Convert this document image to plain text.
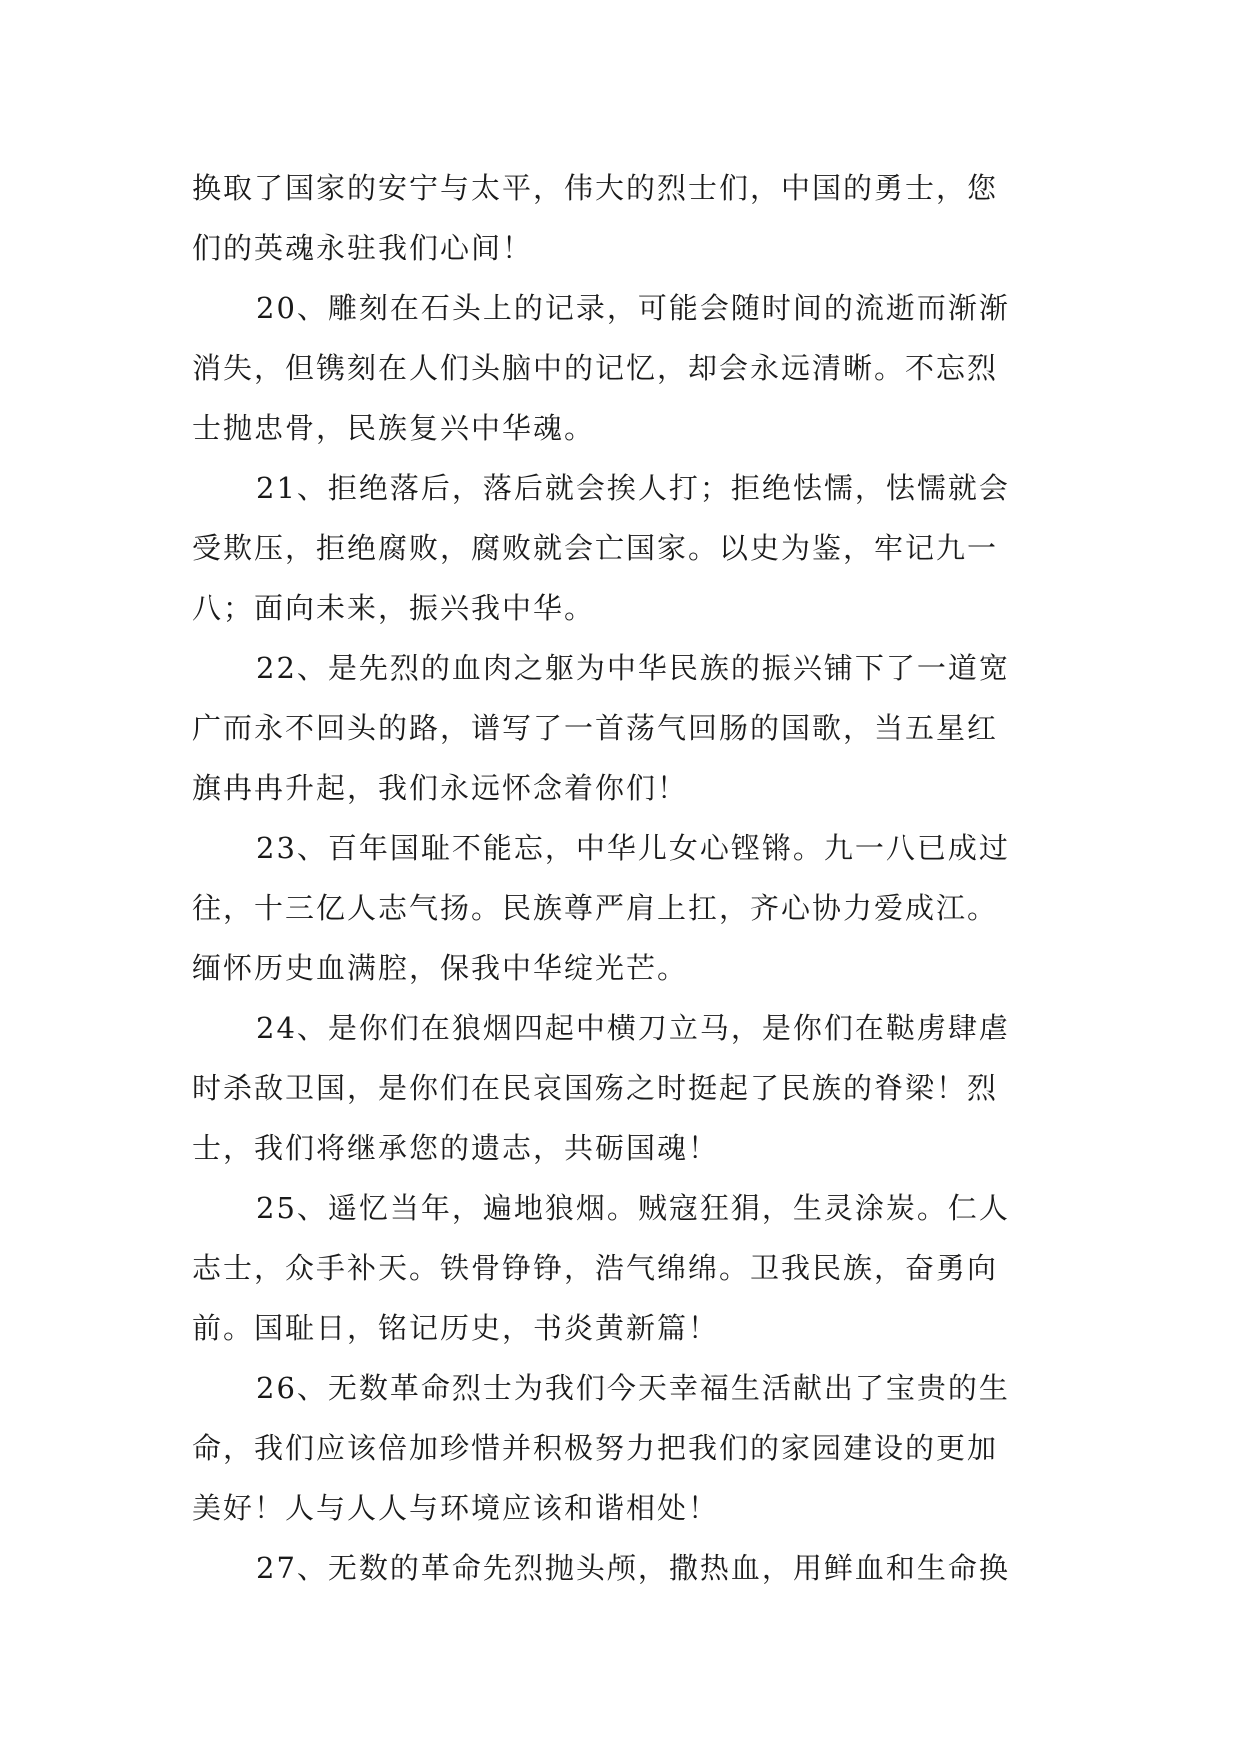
换取了国家的安宁与太平，伟大的烈士们，中国的勇士，您
们的英魂永驻我们心间！
20、雕刻在石头上的记录，可能会随时间的流逝而渐渐
消失，但镌刻在人们头脑中的记忆，却会永远清晰。不忘烈
士抛忠骨，民族复兴中华魂。
21、拒绝落后，落后就会挨人打；拒绝怯懦，怯懦就会
受欺压，拒绝腐败，腐败就会亡国家。以史为鉴，牢记九一
八；面向未来，振兴我中华。
22、是先烈的血肉之躯为中华民族的振兴铺下了一道宽
广而永不回头的路，谱写了一首荡气回肠的国歌，当五星红
旗冉冉升起，我们永远怀念着你们！
23、百年国耻不能忘，中华儿女心铿锵。九一八已成过
往，十三亿人志气扬。民族尊严肩上扛，齐心协力爱成江。
缅怀历史血满腔，保我中华绽光芒。
24、是你们在狼烟四起中横刀立马，是你们在鞑虏肆虐
时杀敌卫国，是你们在民哀国殇之时挺起了民族的脊梁！烈
士，我们将继承您的遗志，共砺国魂！
25、遥忆当年，遍地狼烟。贼寇狂狷，生灵涂炭。仁人
志士，众手补天。铁骨铮铮，浩气绵绵。卫我民族，奋勇向
前。国耻日，铭记历史，书炎黄新篇！
26、无数革命烈士为我们今天幸福生活献出了宝贵的生
命，我们应该倍加珍惜并积极努力把我们的家园建设的更加
美好！人与人人与环境应该和谐相处！
27、无数的革命先烈抛头颅，撒热血，用鲜血和生命换
